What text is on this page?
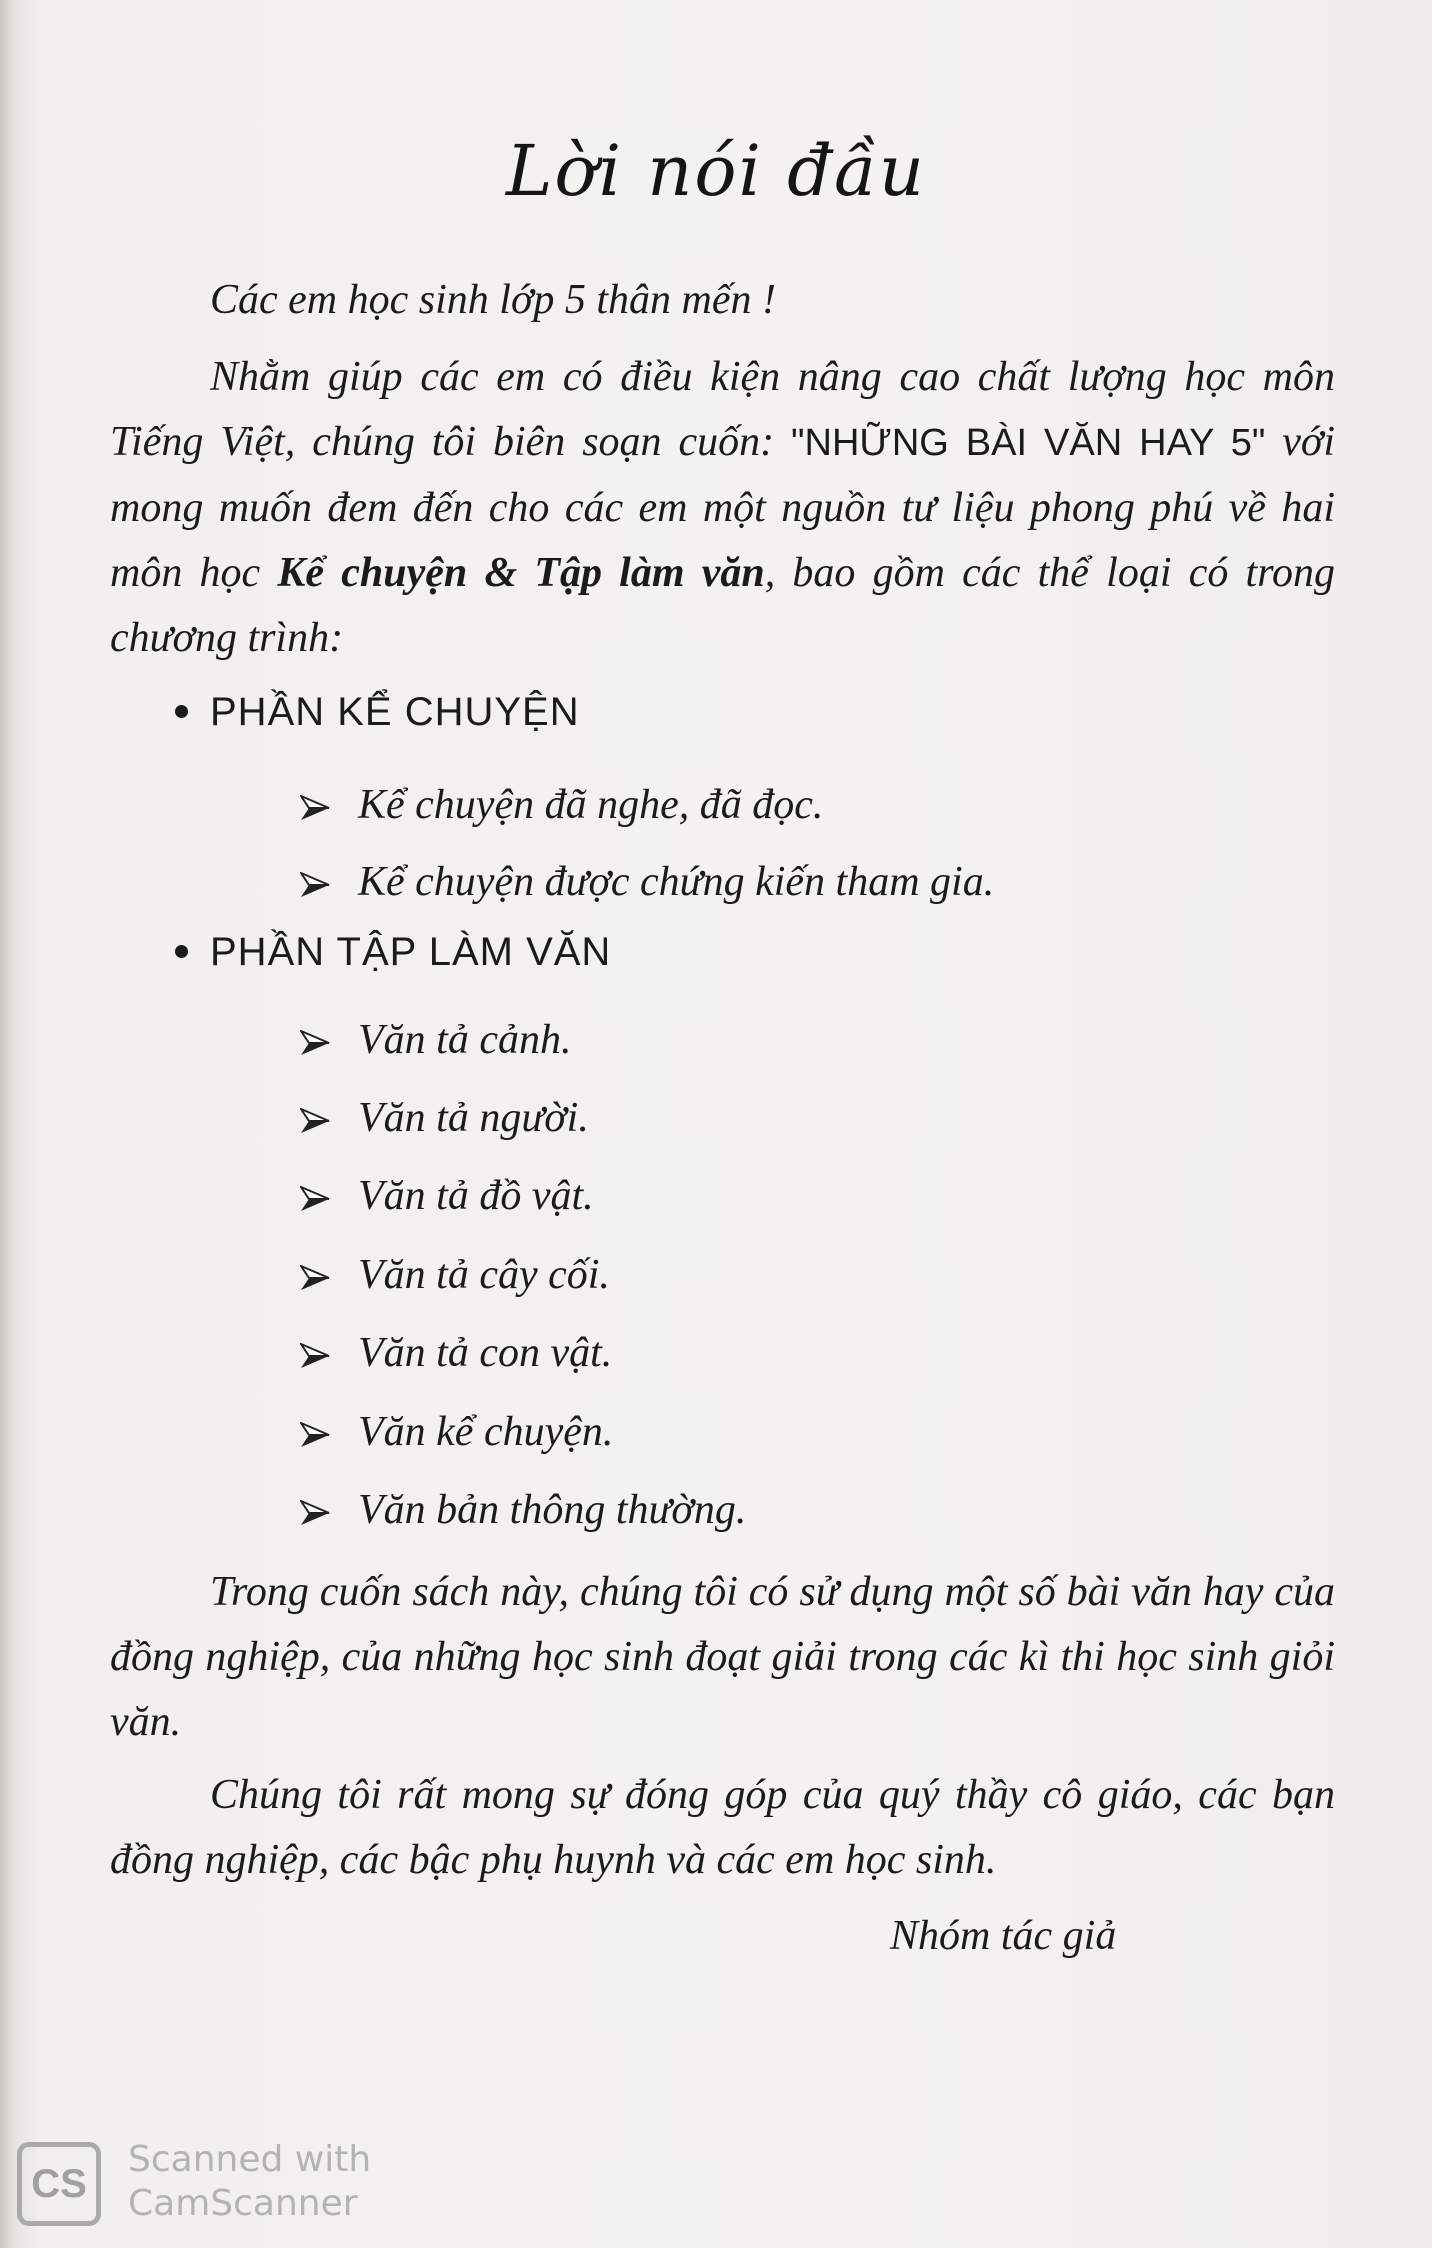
Lời nói đầu

Các em học sinh lớp 5 thân mến !

Nhằm giúp các em có điều kiện nâng cao chất lượng học môn Tiếng Việt, chúng tôi biên soạn cuốn: "NHỮNG BÀI VĂN HAY 5" với mong muốn đem đến cho các em một nguồn tư liệu phong phú về hai môn học Kể chuyện & Tập làm văn, bao gồm các thể loại có trong chương trình:

PHẦN KỂ CHUYỆN
Kể chuyện đã nghe, đã đọc.
Kể chuyện được chứng kiến tham gia.
PHẦN TẬP LÀM VĂN
Văn tả cảnh.
Văn tả người.
Văn tả đồ vật.
Văn tả cây cối.
Văn tả con vật.
Văn kể chuyện.
Văn bản thông thường.

Trong cuốn sách này, chúng tôi có sử dụng một số bài văn hay của đồng nghiệp, của những học sinh đoạt giải trong các kì thi học sinh giỏi văn.

Chúng tôi rất mong sự đóng góp của quý thầy cô giáo, các bạn đồng nghiệp, các bậc phụ huynh và các em học sinh.

Nhóm tác giả
CS
Scanned with
CamScanner
